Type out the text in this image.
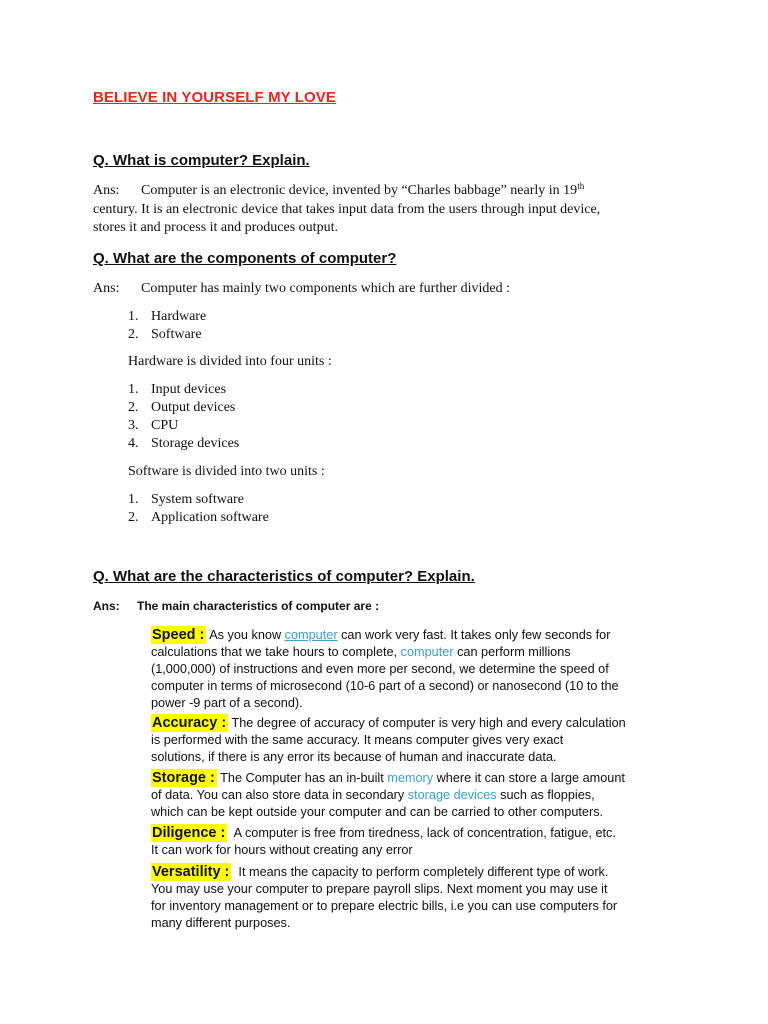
BELIEVE IN YOURSELF MY LOVE
Q. What is computer? Explain.
Ans: Computer is an electronic device, invented by “Charles babbage” nearly in 19th
century. It is an electronic device that takes input data from the users through input device,
stores it and process it and produces output.
Q. What are the components of computer?
Ans: Computer has mainly two components which are further divided :
1. Hardware
2. Software
Hardware is divided into four units :
1. Input devices
2. Output devices
3. CPU
4. Storage devices
Software is divided into two units :
1. System software
2. Application software
Q. What are the characteristics of computer? Explain.
Ans: The main characteristics of computer are :
Speed : As you know computer can work very fast. It takes only few seconds for
calculations that we take hours to complete, computer can perform millions
(1,000,000) of instructions and even more per second, we determine the speed of
computer in terms of microsecond (10-6 part of a second) or nanosecond (10 to the
power -9 part of a second).
Accuracy : The degree of accuracy of computer is very high and every calculation
is performed with the same accuracy. It means computer gives very exact
solutions, if there is any error its because of human and inaccurate data.
Storage : The Computer has an in-built memory where it can store a large amount
of data. You can also store data in secondary storage devices such as floppies,
which can be kept outside your computer and can be carried to other computers.
Diligence :  A computer is free from tiredness, lack of concentration, fatigue, etc.
It can work for hours without creating any error
Versatility :  It means the capacity to perform completely different type of work.
You may use your computer to prepare payroll slips. Next moment you may use it
for inventory management or to prepare electric bills, i.e you can use computers for
many different purposes.
